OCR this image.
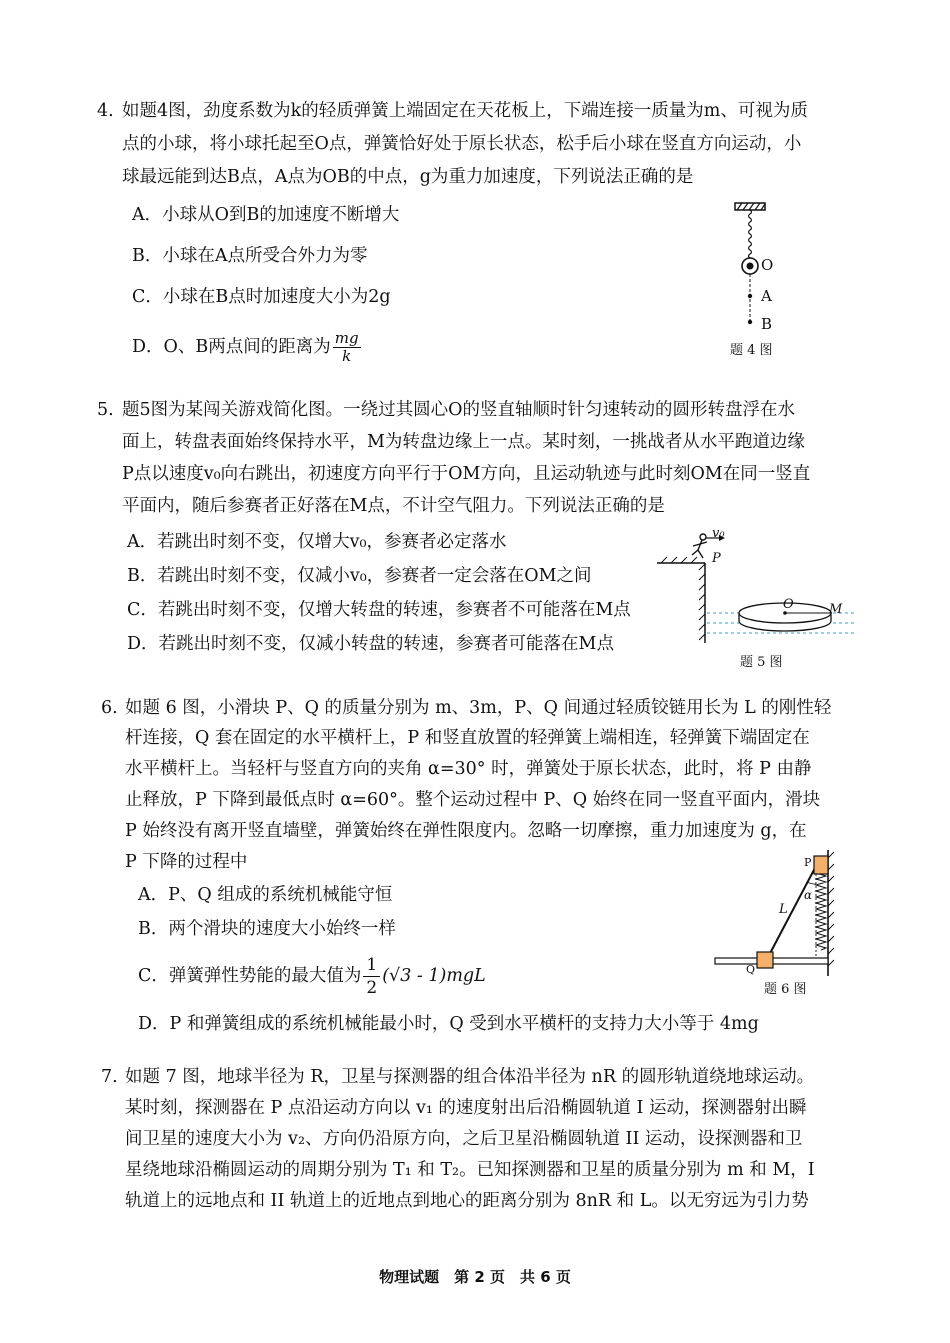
4. 如题4图，劲度系数为k的轻质弹簧上端固定在天花板上，下端连接一质量为m、可视为质
点的小球，将小球托起至O点，弹簧恰好处于原长状态，松手后小球在竖直方向运动，小
球最远能到达B点，A点为OB的中点，g为重力加速度，下列说法正确的是
A．小球从O到B的加速度不断增大
B．小球在A点所受合外力为零
C．小球在B点时加速度大小为2g
D．O、B两点间的距离为 $\frac{mg}{k}$
O
A
B
题 4 图
5. 题5图为某闯关游戏简化图。一绕过其圆心O的竖直轴顺时针匀速转动的圆形转盘浮在水
面上，转盘表面始终保持水平，M为转盘边缘上一点。某时刻，一挑战者从水平跑道边缘
P点以速度v₀向右跳出，初速度方向平行于OM方向，且运动轨迹与此时刻OM在同一竖直
平面内，随后参赛者正好落在M点，不计空气阻力。下列说法正确的是
A．若跳出时刻不变，仅增大v₀，参赛者必定落水
B．若跳出时刻不变，仅减小v₀，参赛者一定会落在OM之间
C．若跳出时刻不变，仅增大转盘的转速，参赛者不可能落在M点
D．若跳出时刻不变，仅减小转盘的转速，参赛者可能落在M点
v₀
P
O	M
题 5 图
6. 如题 6 图，小滑块 P、Q 的质量分别为 m、3m，P、Q 间通过轻质铰链用长为 L 的刚性轻
杆连接，Q 套在固定的水平横杆上，P 和竖直放置的轻弹簧上端相连，轻弹簧下端固定在
水平横杆上。当轻杆与竖直方向的夹角 α=30° 时，弹簧处于原长状态，此时，将 P 由静
止释放，P 下降到最低点时 α=60°。整个运动过程中 P、Q 始终在同一竖直平面内，滑块
P 始终没有离开竖直墙壁，弹簧始终在弹性限度内。忽略一切摩擦，重力加速度为 g，在
P 下降的过程中
A．P、Q 组成的系统机械能守恒
B．两个滑块的速度大小始终一样
C．弹簧弹性势能的最大值为 $\frac{1}{2} (√3 - 1)mgL$
D．P 和弹簧组成的系统机械能最小时，Q 受到水平横杆的支持力大小等于 4mg
P
Q
L
α
题 6 图
7. 如题 7 图，地球半径为 R，卫星与探测器的组合体沿半径为 nR 的圆形轨道绕地球运动。
某时刻，探测器在 P 点沿运动方向以 v₁ 的速度射出后沿椭圆轨道 I 运动，探测器射出瞬
间卫星的速度大小为 v₂、方向仍沿原方向，之后卫星沿椭圆轨道 II 运动，设探测器和卫
星绕地球沿椭圆运动的周期分别为 T₁ 和 T₂。已知探测器和卫星的质量分别为 m 和 M，I
轨道上的远地点和 II 轨道上的近地点到地心的距离分别为 8nR 和 L。以无穷远为引力势
物理试题　第 2 页　共 6 页
